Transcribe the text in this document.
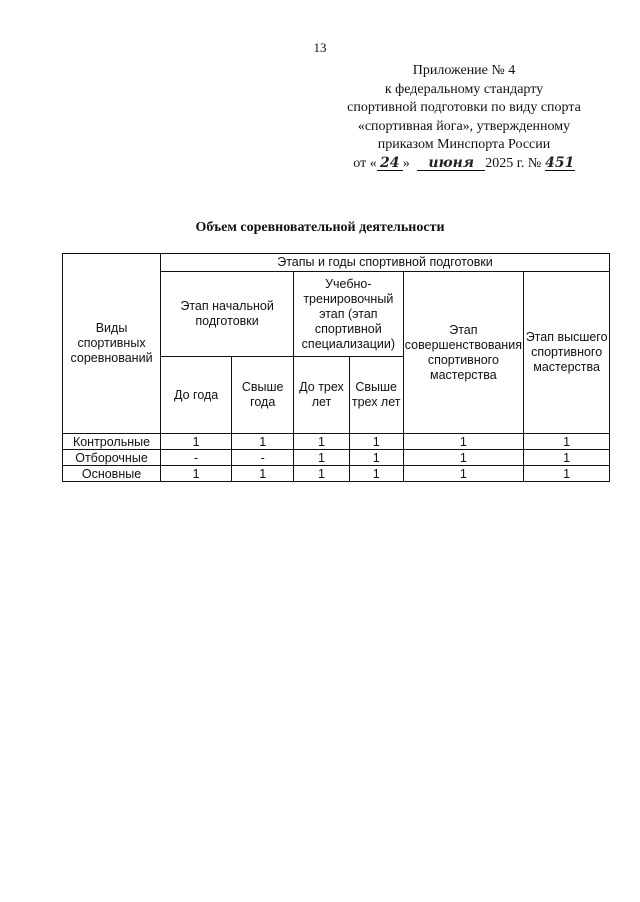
13
Приложение № 4
к федеральному стандарту
спортивной подготовки по виду спорта
«спортивная йога», утвержденному
приказом Минспорта России
от « 24 » июня 2025 г. № 451
Объем соревновательной деятельности
Виды спортивных соревнований	Этапы и годы спортивной подготовки					
	Этап начальной подготовки		Учебно-тренировочный этап (этап спортивной специализации)		Этап совершенствования спортивного мастерства	Этап высшего спортивного мастерства
	До года	Свыше года	До трех лет	Свыше трех лет		
Контрольные	1	1	1	1	1	1
Отборочные	-	-	1	1	1	1
Основные	1	1	1	1	1	1
